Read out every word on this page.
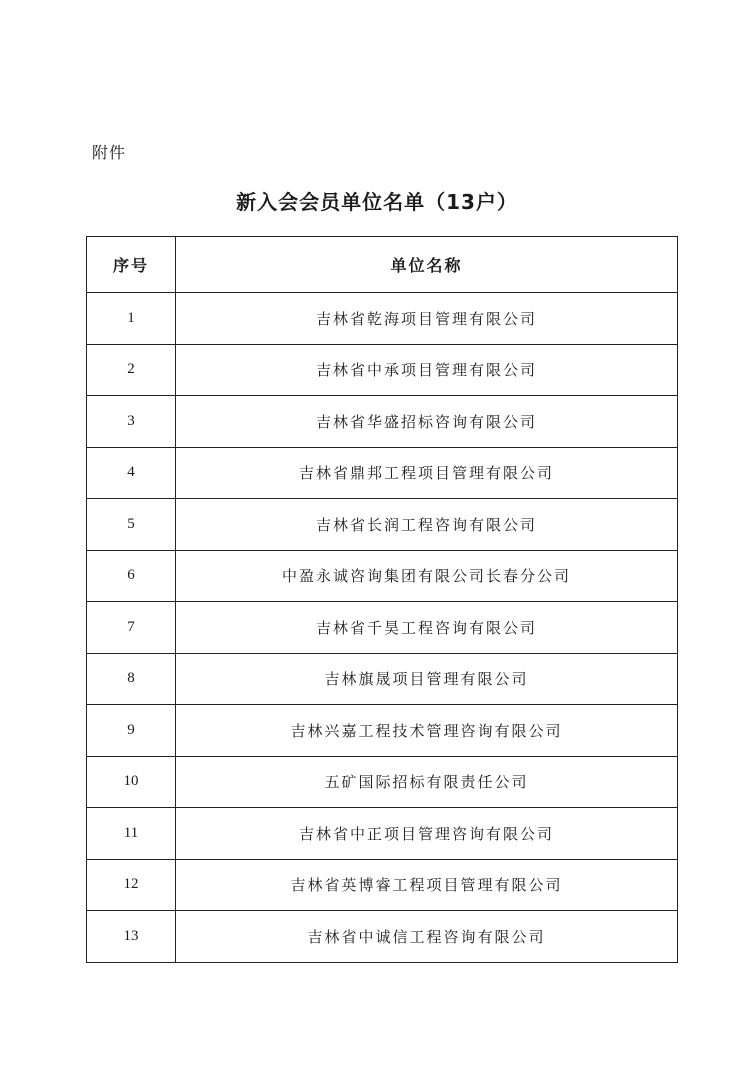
附件
新入会会员单位名单（13户）
序号	单位名称
1	吉林省乾海项目管理有限公司
2	吉林省中承项目管理有限公司
3	吉林省华盛招标咨询有限公司
4	吉林省鼎邦工程项目管理有限公司
5	吉林省长润工程咨询有限公司
6	中盈永诚咨询集团有限公司长春分公司
7	吉林省千昊工程咨询有限公司
8	吉林旗晟项目管理有限公司
9	吉林兴嘉工程技术管理咨询有限公司
10	五矿国际招标有限责任公司
11	吉林省中正项目管理咨询有限公司
12	吉林省英博睿工程项目管理有限公司
13	吉林省中诚信工程咨询有限公司
